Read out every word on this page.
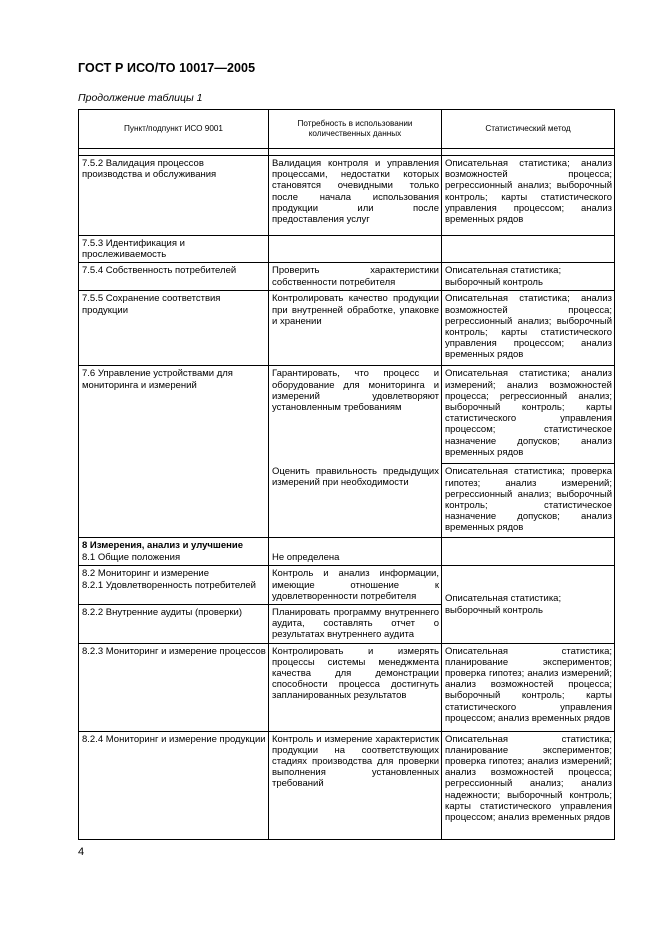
ГОСТ Р ИСО/ТО 10017—2005
Продолжение таблицы 1
Пункт/подпункт ИСО 9001	Потребность в использовании количественных данных	Статистический метод

7.5.2 Валидация процессов производства и обслуживания	Валидация контроля и управления процессами, недостатки которых становятся очевидными только после начала использования продукции или после предоставления услуг	Описательная статистика; анализ возможностей процесса; регрессионный анализ; выборочный контроль; карты статистического управления процессом; анализ временных рядов
7.5.3 Идентификация и прослеживаемость		
7.5.4 Собственность потребителей	Проверить характеристики собственности потребителя	Описательная статистика; выборочный контроль
7.5.5 Сохранение соответствия продукции	Контролировать качество продукции при внутренней обработке, упаковке и хранении	Описательная статистика; анализ возможностей процесса; регрессионный анализ; выборочный контроль; карты статистического управления процессом; анализ временных рядов
7.6 Управление устройствами для мониторинга и измерений	Гарантировать, что процесс и оборудование для мониторинга и измерений удовлетворяют установленным требованиям	Описательная статистика; анализ измерений; анализ возможностей процесса; регрессионный анализ; выборочный контроль; карты статистического управления процессом; статистическое назначение допусков; анализ временных рядов
	Оценить правильность предыдущих измерений при необходимости	Описательная статистика; проверка гипотез; анализ измерений; регрессионный анализ; выборочный контроль; статистическое назначение допусков; анализ временных рядов

8 Измерения, анализ и улучшение
8.1 Общие положения	Не определена	

8.2 Мониторинг и измерение
8.2.1 Удовлетворенность потребителей	Контроль и анализ информации, имеющие отношение к удовлетворенности потребителя	Описательная статистика; выборочный контроль
8.2.2 Внутренние аудиты (проверки)	Планировать программу внутреннего аудита, составлять отчет о результатах внутреннего аудита	
8.2.3 Мониторинг и измерение процессов	Контролировать и измерять процессы системы менеджмента качества для демонстрации способности процесса достигнуть запланированных результатов	Описательная статистика; планирование экспериментов; проверка гипотез; анализ измерений; анализ возможностей процесса; выборочный контроль; карты статистического управления процессом; анализ временных рядов
8.2.4 Мониторинг и измерение продукции	Контроль и измерение характеристик продукции на соответствующих стадиях производства для проверки выполнения установленных требований	Описательная статистика; планирование экспериментов; проверка гипотез; анализ измерений; анализ возможностей процесса; регрессионный анализ; анализ надежности; выборочный контроль; карты статистического управления процессом; анализ временных рядов
4
